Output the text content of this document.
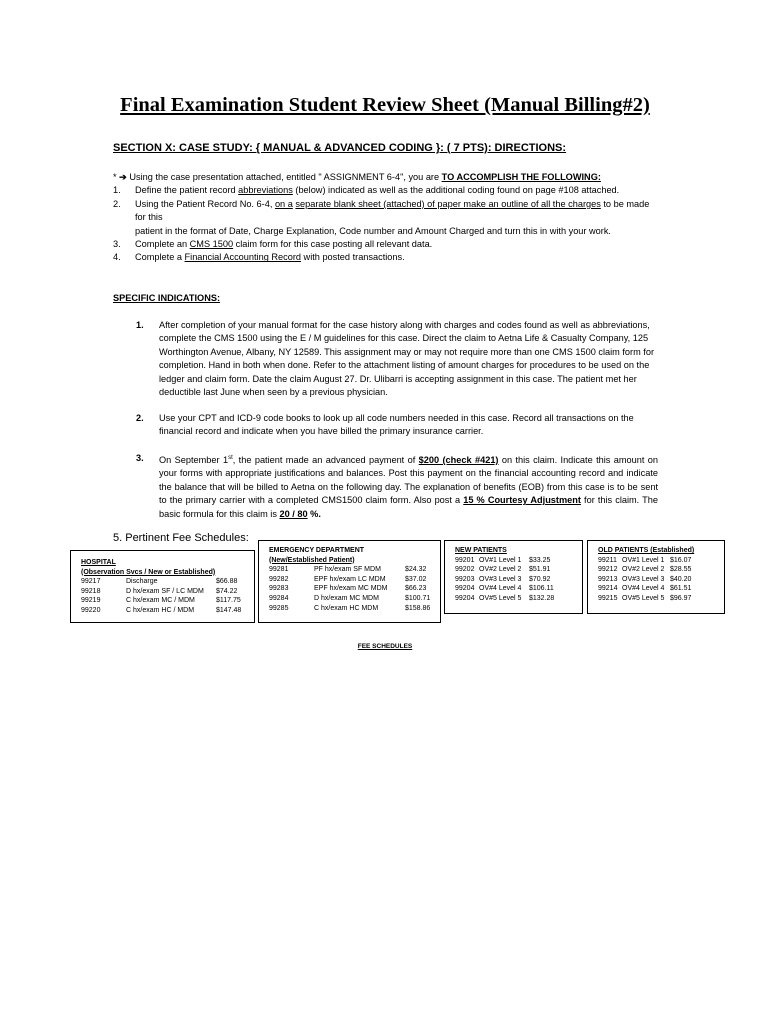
Final Examination Student Review Sheet (Manual Billing#2)
SECTION X: CASE STUDY: { MANUAL & ADVANCED CODING }: ( 7 PTS): DIRECTIONS:
* ➔ Using the case presentation attached, entitled " ASSIGNMENT 6-4", you are TO ACCOMPLISH THE FOLLOWING:
1.	Define the patient record abbreviations (below) indicated as well as the additional coding found on page #108 attached.
2.	Using the Patient Record No. 6-4, on a separate blank sheet (attached) of paper make an outline of all the charges to be made for this
patient in the format of Date, Charge Explanation, Code number and Amount Charged and turn this in with your work.
3.	Complete an CMS 1500 claim form for this case posting all relevant data.
4.	Complete a Financial Accounting Record with posted transactions.
SPECIFIC INDICATIONS:
1.	After completion of your manual format for the case history along with charges and codes found as well as abbreviations, complete the CMS 1500 using the E / M guidelines for this case. Direct the claim to Aetna Life & Casualty Company, 125 Worthington Avenue, Albany, NY 12589. This assignment may or may not require more than one CMS 1500 claim form for completion. Hand in both when done. Refer to the attachment listing of amount charges for procedures to be used on the ledger and claim form. Date the claim August 27. Dr. Ulibarri is accepting assignment in this case. The patient met her deductible last June when seen by a previous physician.
2.	Use your CPT and ICD-9 code books to look up all code numbers needed in this case. Record all transactions on the financial record and indicate when you have billed the primary insurance carrier.
3.	On September 1st, the patient made an advanced payment of $200 (check #421) on this claim. Indicate this amount on your forms with appropriate justifications and balances. Post this payment on the financial accounting record and indicate the balance that will be billed to Aetna on the following day. The explanation of benefits (EOB) from this case is to be sent to the primary carrier with a completed CMS1500 claim form. Also post a 15 % Courtesy Adjustment for this claim. The basic formula for this claim is 20 / 80 %.
5. Pertinent Fee Schedules:
HOSPITAL
(Observation Svcs / New or Established)
99217	Discharge	$66.88
99218	D hx/exam SF / LC MDM	$74.22
99219	C hx/exam MC / MDM	$117.75
99220	C hx/exam HC / MDM	$147.48
EMERGENCY DEPARTMENT
(New/Established Patient)
99281	PF hx/exam SF MDM	$24.32
99282	EPF hx/exam LC MDM	$37.02
99283	EPF hx/exam MC MDM	$66.23
99284	D hx/exam MC MDM	$100.71
99285	C hx/exam HC MDM	$158.86
NEW PATIENTS
99201	OV#1 Level 1	$33.25
99202	OV#2 Level 2	$51.91
99203	OV#3 Level 3	$70.92
99204	OV#4 Level 4	$106.11
99204	OV#5 Level 5	$132.28
OLD PATIENTS (Established)
99211	OV#1 Level 1	$16.07
99212	OV#2 Level 2	$28.55
99213	OV#3 Level 3	$40.20
99214	OV#4 Level 4	$61.51
99215	OV#5 Level 5	$96.97
FEE SCHEDULES
